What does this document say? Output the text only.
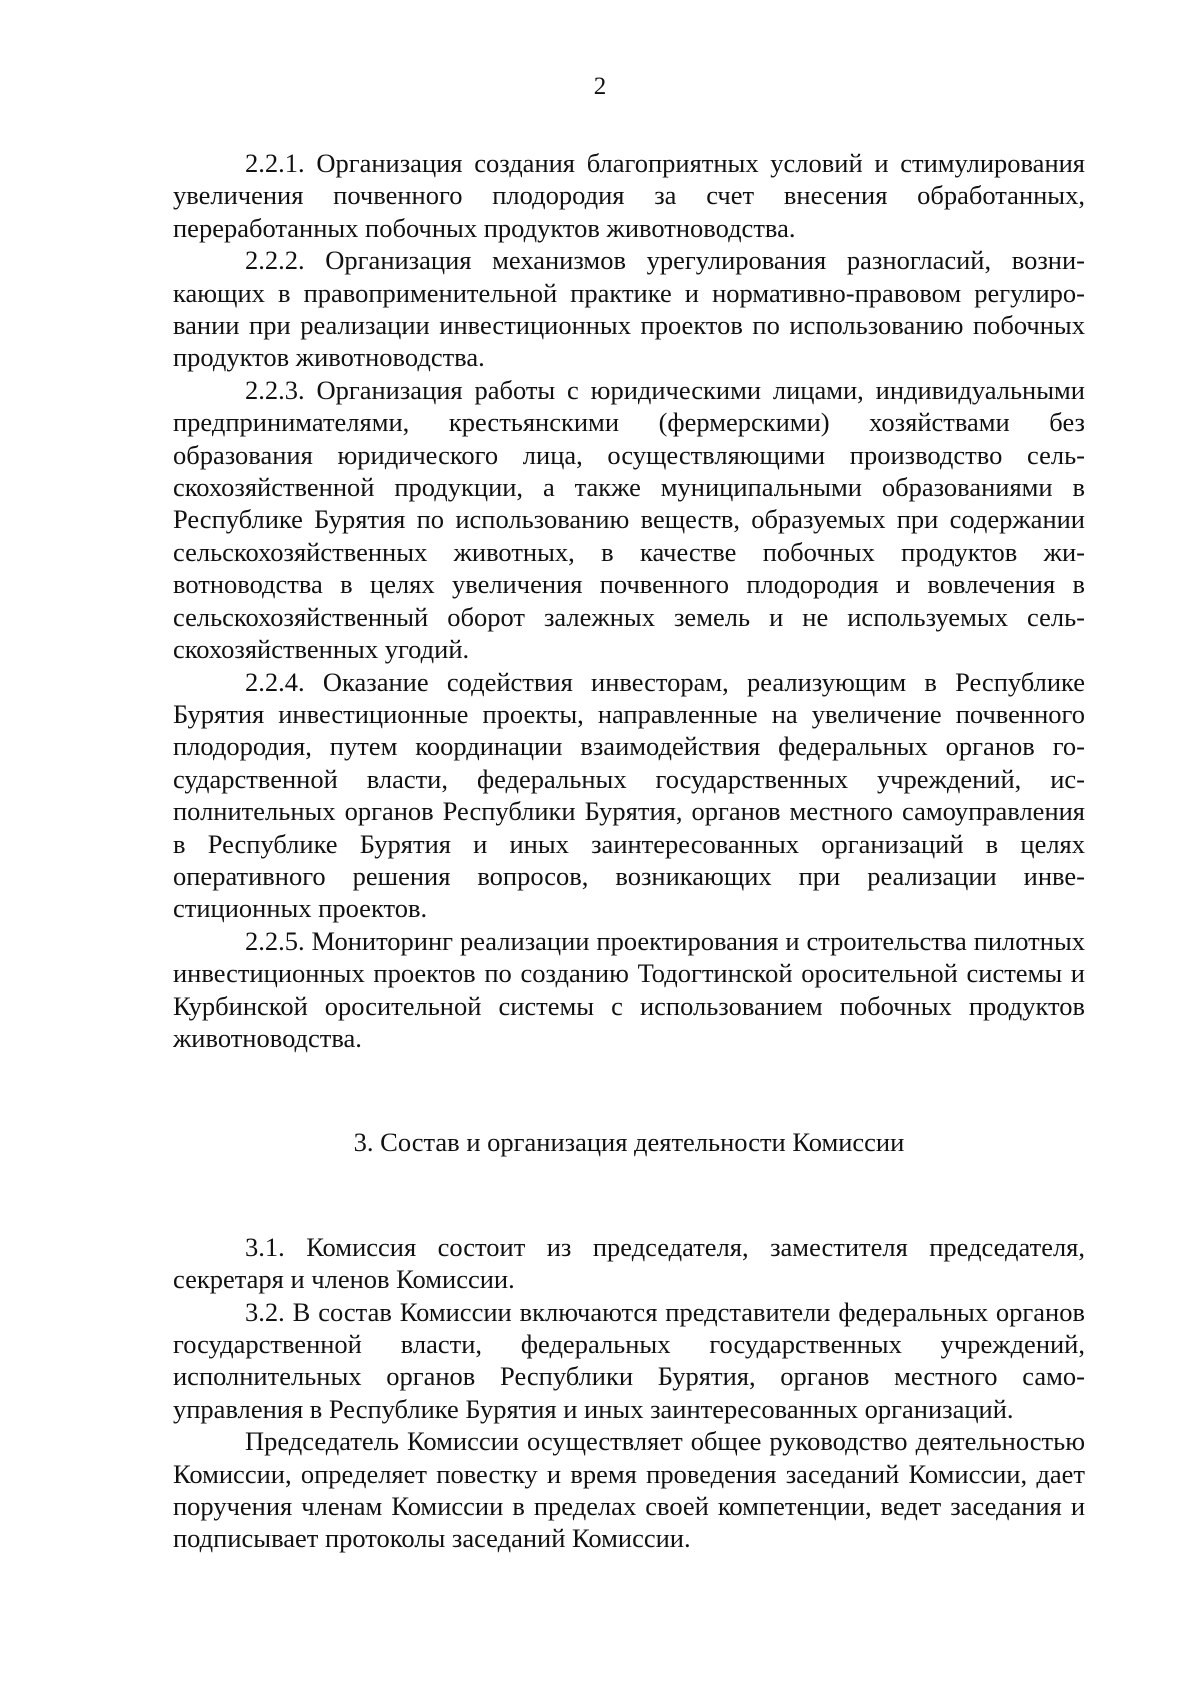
2

2.2.1. Организация создания благоприятных условий и стимулирования увеличения почвенного плодородия за счет внесения обработанных, переработанных побочных продуктов животноводства.

2.2.2. Организация механизмов урегулирования разногласий, возникающих в правоприменительной практике и нормативно-правовом регулиро-вании при реализации инвестиционных проектов по использованию побочных продуктов животноводства.

2.2.3. Организация работы с юридическими лицами, индивидуальными предпринимателями, крестьянскими (фермерскими) хозяйствами без образования юридического лица, осуществляющими производство сельскохозяйственной продукции, а также муниципальными образованиями в Республике Бурятия по использованию веществ, образуемых при содержании сельскохозяйственных животных, в качестве побочных продуктов животноводства в целях увеличения почвенного плодородия и вовлечения в сельскохозяйственный оборот залежных земель и не используемых сельскохозяйственных угодий.

2.2.4. Оказание содействия инвесторам, реализующим в Республике Бурятия инвестиционные проекты, направленные на увеличение почвенного плодородия, путем координации взаимодействия федеральных органов го-сударственной власти, федеральных государственных учреждений, исполнительных органов Республики Бурятия, органов местного самоуправления в Республике Бурятия и иных заинтересованных организаций в целях оперативного решения вопросов, возникающих при реализации инвестиционных проектов.

2.2.5. Мониторинг реализации проектирования и строительства пилотных инвестиционных проектов по созданию Тодогтинской оросительной системы и Курбинской оросительной системы с использованием побочных продуктов животноводства.

3. Состав и организация деятельности Комиссии

3.1. Комиссия состоит из председателя, заместителя председателя, секретаря и членов Комиссии.

3.2. В состав Комиссии включаются представители федеральных органов государственной власти, федеральных государственных учреждений, исполнительных органов Республики Бурятия, органов местного самоуправления в Республике Бурятия и иных заинтересованных организаций.

Председатель Комиссии осуществляет общее руководство деятельностью Комиссии, определяет повестку и время проведения заседаний Комиссии, дает поручения членам Комиссии в пределах своей компетенции, ведет заседания и подписывает протоколы заседаний Комиссии.
